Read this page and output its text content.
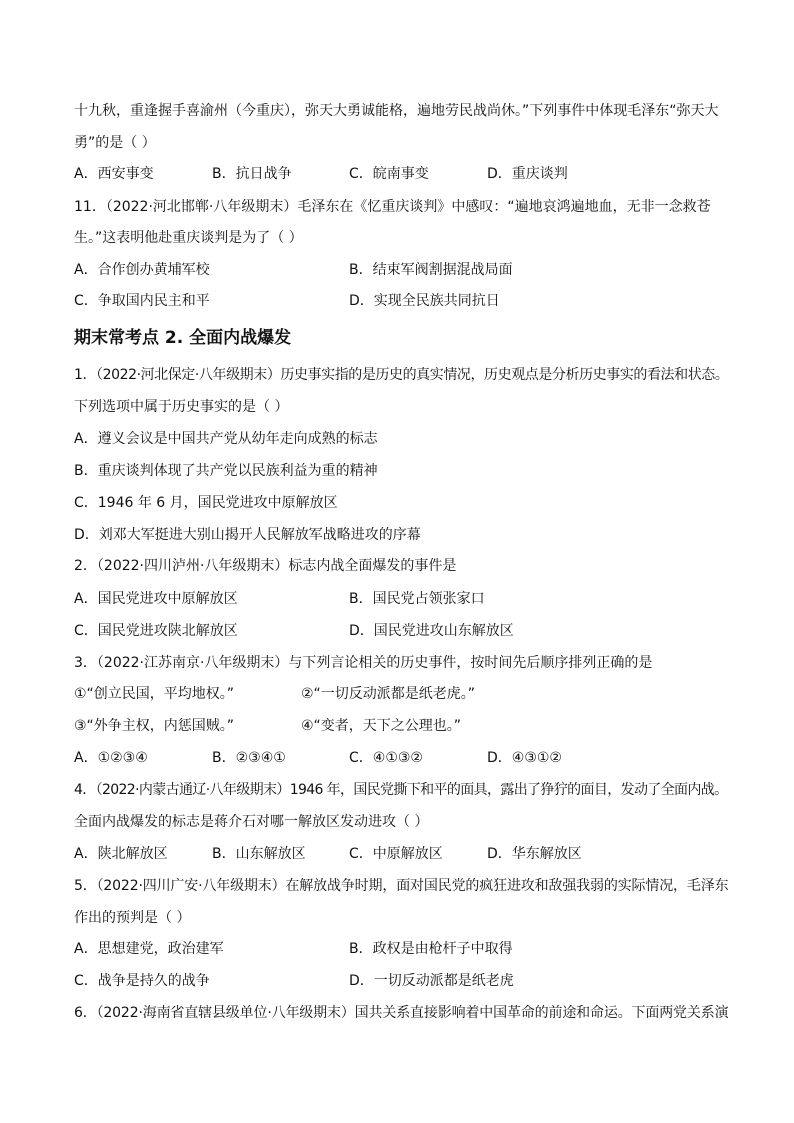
十九秋，重逢握手喜渝州（今重庆），弥天大勇诚能格，遍地劳民战尚休。”下列事件中体现毛泽东“弥天大
勇”的是（ ）
A．西安事变	B．抗日战争	C．皖南事变	D．重庆谈判
11．（2022·河北邯郸·八年级期末）毛泽东在《忆重庆谈判》中感叹：“遍地哀鸿遍地血，无非一念救苍
生。”这表明他赴重庆谈判是为了（ ）
A．合作创办黄埔军校	B．结束军阀割据混战局面
C．争取国内民主和平	D．实现全民族共同抗日
期末常考点 2. 全面内战爆发
1．（2022·河北保定·八年级期末）历史事实指的是历史的真实情况，历史观点是分析历史事实的看法和状态。
下列选项中属于历史事实的是（ ）
A．遵义会议是中国共产党从幼年走向成熟的标志
B．重庆谈判体现了共产党以民族利益为重的精神
C．1946 年 6 月，国民党进攻中原解放区
D．刘邓大军挺进大别山揭开人民解放军战略进攻的序幕
2．（2022·四川泸州·八年级期末）标志内战全面爆发的事件是
A．国民党进攻中原解放区	B．国民党占领张家口
C．国民党进攻陕北解放区	D．国民党进攻山东解放区
3．（2022·江苏南京·八年级期末）与下列言论相关的历史事件，按时间先后顺序排列正确的是
①“创立民国，平均地权。”	②“一切反动派都是纸老虎。”
③“外争主权，内惩国贼。”	④“变者，天下之公理也。”
A．①②③④	B．②③④①	C．④①③②	D．④③①②
4．（2022·内蒙古通辽·八年级期末）1946 年，国民党撕下和平的面具，露出了狰狞的面目，发动了全面内战。
全面内战爆发的标志是蒋介石对哪一解放区发动进攻（ ）
A．陕北解放区	B．山东解放区	C．中原解放区	D．华东解放区
5．（2022·四川广安·八年级期末）在解放战争时期，面对国民党的疯狂进攻和敌强我弱的实际情况，毛泽东
作出的预判是（ ）
A．思想建党，政治建军	B．政权是由枪杆子中取得
C．战争是持久的战争	D．一切反动派都是纸老虎
6．（2022·海南省直辖县级单位·八年级期末）国共关系直接影响着中国革命的前途和命运。下面两党关系演
